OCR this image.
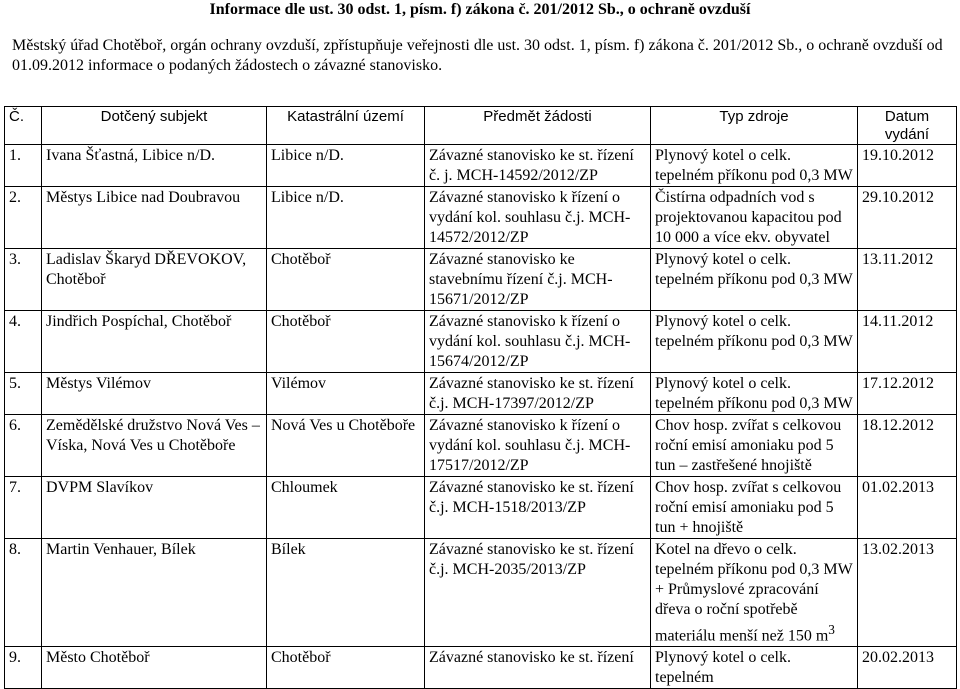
Informace dle ust. 30 odst. 1, písm. f) zákona č. 201/2012 Sb., o ochraně ovzduší
Městský úřad Chotěboř, orgán ochrany ovzduší, zpřístupňuje veřejnosti dle ust. 30 odst. 1, písm. f) zákona č. 201/2012 Sb., o ochraně ovzduší od 01.09.2012 informace o podaných žádostech o závazné stanovisko.
Č.	Dotčený subjekt	Katastrální území	Předmět žádosti	Typ zdroje	Datum vydání
1.	Ivana Šťastná, Libice n/D.	Libice n/D.	Závazné stanovisko ke st. řízení č. j. MCH-14592/2012/ZP	Plynový kotel o celk. tepelném příkonu pod 0,3 MW	19.10.2012
2.	Městys Libice nad Doubravou	Libice n/D.	Závazné stanovisko k řízení o vydání kol. souhlasu č.j. MCH-14572/2012/ZP	Čistírna odpadních vod s projektovanou kapacitou pod 10 000 a více ekv. obyvatel	29.10.2012
3.	Ladislav Škaryd DŘEVOKOV, Chotěboř	Chotěboř	Závazné stanovisko ke stavebnímu řízení č.j. MCH-15671/2012/ZP	Plynový kotel o celk. tepelném příkonu pod 0,3 MW	13.11.2012
4.	Jindřich Pospíchal, Chotěboř	Chotěboř	Závazné stanovisko k řízení o vydání kol. souhlasu č.j. MCH-15674/2012/ZP	Plynový kotel o celk. tepelném příkonu pod 0,3 MW	14.11.2012
5.	Městys Vilémov	Vilémov	Závazné stanovisko ke st. řízení č.j. MCH-17397/2012/ZP	Plynový kotel o celk. tepelném příkonu pod 0,3 MW	17.12.2012
6.	Zemědělské družstvo Nová Ves – Víska, Nová Ves u Chotěboře	Nová Ves u Chotěboře	Závazné stanovisko k řízení o vydání kol. souhlasu č.j. MCH-17517/2012/ZP	Chov hosp. zvířat s celkovou roční emisí amoniaku pod 5 tun – zastřešené hnojiště	18.12.2012
7.	DVPM Slavíkov	Chloumek	Závazné stanovisko ke st. řízení č.j. MCH-1518/2013/ZP	Chov hosp. zvířat s celkovou roční emisí amoniaku pod 5 tun + hnojiště	01.02.2013
8.	Martin Venhauer, Bílek	Bílek	Závazné stanovisko ke st. řízení č.j. MCH-2035/2013/ZP	Kotel na dřevo o celk. tepelném příkonu pod 0,3 MW + Průmyslové zpracování dřeva o roční spotřebě materiálu menší než 150 $m^3$	13.02.2013
9.	Město Chotěboř	Chotěboř	Závazné stanovisko ke st. řízení	Plynový kotel o celk. tepelném	20.02.2013
